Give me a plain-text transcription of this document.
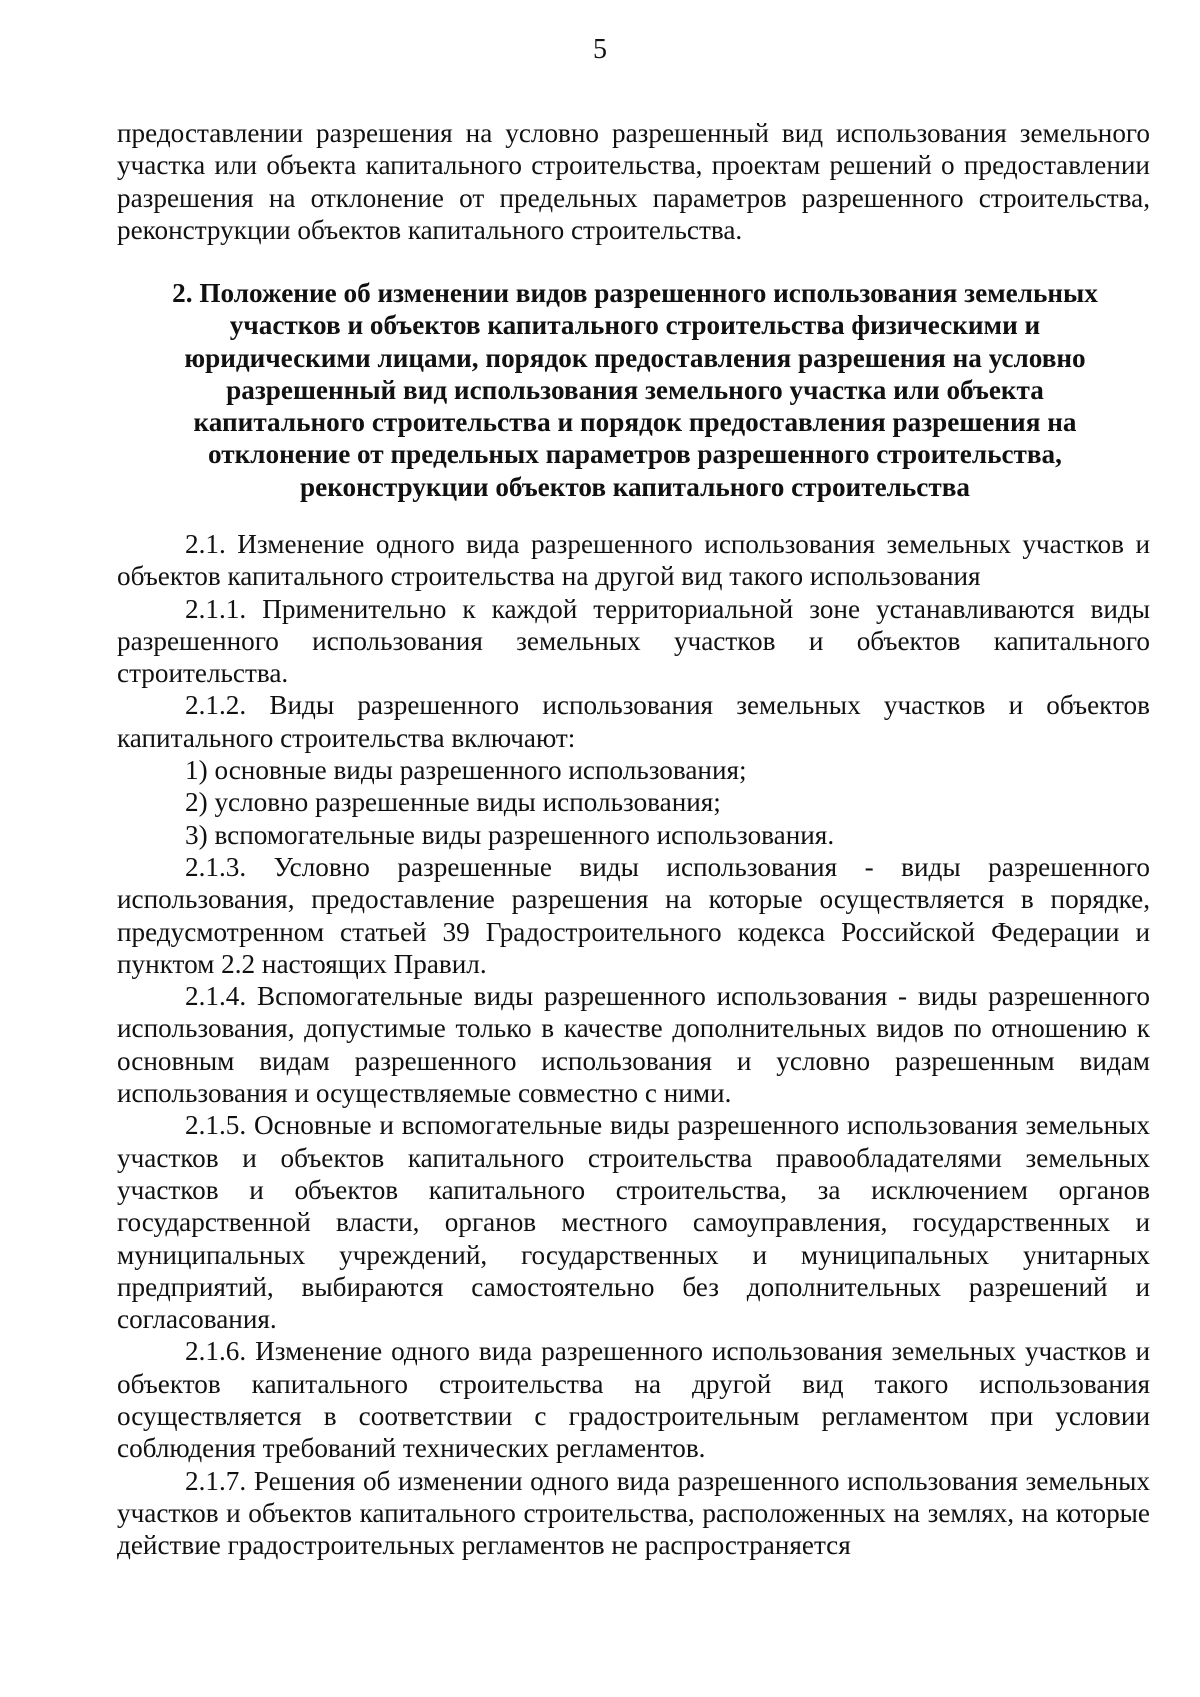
5

предоставлении разрешения на условно разрешенный вид использования земельного участка или объекта капитального строительства, проектам решений о предоставлении разрешения на отклонение от предельных параметров разрешенного строительства, реконструкции объектов капитального строительства.

2. Положение об изменении видов разрешенного использования земельных участков и объектов капитального строительства физическими и юридическими лицами, порядок предоставления разрешения на условно разрешенный вид использования земельного участка или объекта капитального строительства и порядок предоставления разрешения на отклонение от предельных параметров разрешенного строительства, реконструкции объектов капитального строительства

2.1. Изменение одного вида разрешенного использования земельных участков и объектов капитального строительства на другой вид такого использования

2.1.1. Применительно к каждой территориальной зоне устанавливаются виды разрешенного использования земельных участков и объектов капитального строительства.

2.1.2. Виды разрешенного использования земельных участков и объектов капитального строительства включают:

1) основные виды разрешенного использования;

2) условно разрешенные виды использования;

3) вспомогательные виды разрешенного использования.

2.1.3. Условно разрешенные виды использования - виды разрешенного использования, предоставление разрешения на которые осуществляется в порядке, предусмотренном статьей 39 Градостроительного кодекса Российской Федерации и пунктом 2.2 настоящих Правил.

2.1.4. Вспомогательные виды разрешенного использования - виды разрешенного использования, допустимые только в качестве дополнительных видов по отношению к основным видам разрешенного использования и условно разрешенным видам использования и осуществляемые совместно с ними.

2.1.5. Основные и вспомогательные виды разрешенного использования земельных участков и объектов капитального строительства правообладателями земельных участков и объектов капитального строительства, за исключением органов государственной власти, органов местного самоуправления, государственных и муниципальных учреждений, государственных и муниципальных унитарных предприятий, выбираются самостоятельно без дополнительных разрешений и согласования.

2.1.6. Изменение одного вида разрешенного использования земельных участков и объектов капитального строительства на другой вид такого использования осуществляется в соответствии с градостроительным регламентом при условии соблюдения требований технических регламентов.

2.1.7. Решения об изменении одного вида разрешенного использования земельных участков и объектов капитального строительства, расположенных на землях, на которые действие градостроительных регламентов не распространяется
